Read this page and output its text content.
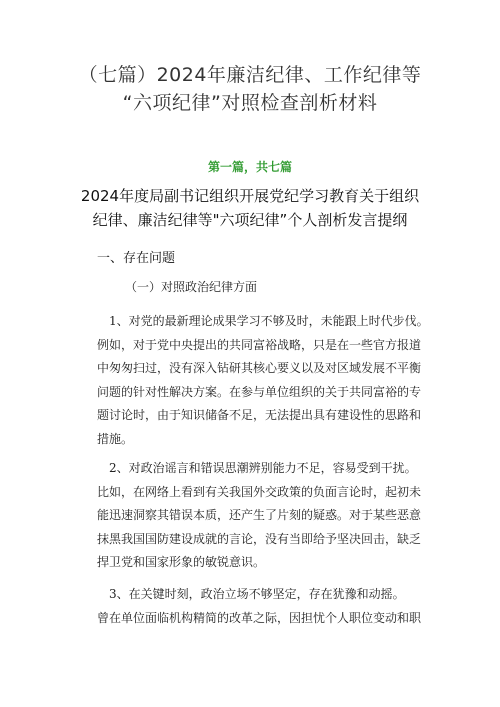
（七篇）2024年廉洁纪律、工作纪律等
“六项纪律”对照检查剖析材料
第一篇，共七篇
2024年度局副书记组织开展党纪学习教育关于组织
纪律、廉洁纪律等"六项纪律”个人剖析发言提纲
一、存在问题
（一）对照政治纪律方面
1、对党的最新理论成果学习不够及时，未能跟上时代步伐。
例如，对于党中央提出的共同富裕战略，只是在一些官方报道
中匆匆扫过，没有深入钻研其核心要义以及对区域发展不平衡
问题的针对性解决方案。在参与单位组织的关于共同富裕的专
题讨论时，由于知识储备不足，无法提出具有建设性的思路和
措施。
2、对政治谣言和错误思潮辨别能力不足，容易受到干扰。
比如，在网络上看到有关我国外交政策的负面言论时，起初未
能迅速洞察其错误本质，还产生了片刻的疑惑。对于某些恶意
抹黑我国国防建设成就的言论，没有当即给予坚决回击，缺乏
捍卫党和国家形象的敏锐意识。
3、在关键时刻，政治立场不够坚定，存在犹豫和动摇。
曾在单位面临机构精简的改革之际，因担忧个人职位变动和职
